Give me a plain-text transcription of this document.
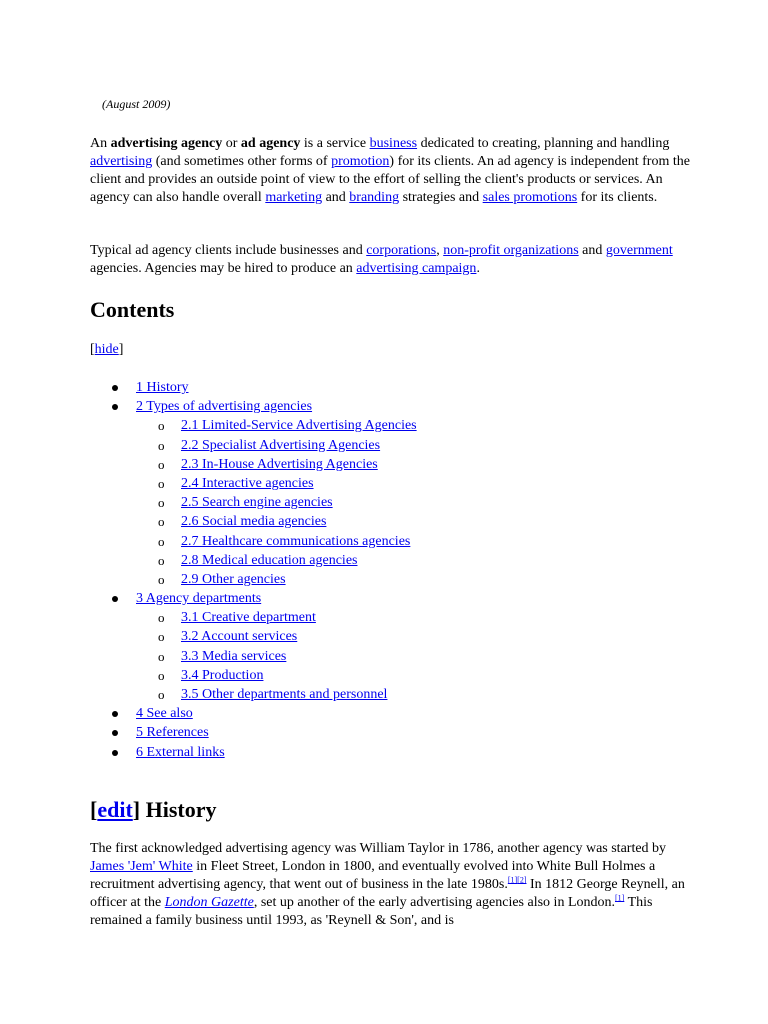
(August 2009)
An advertising agency or ad agency is a service business dedicated to creating, planning and handling advertising (and sometimes other forms of promotion) for its clients. An ad agency is independent from the client and provides an outside point of view to the effort of selling the client's products or services. An agency can also handle overall marketing and branding strategies and sales promotions for its clients.
Typical ad agency clients include businesses and corporations, non-profit organizations and government agencies. Agencies may be hired to produce an advertising campaign.
Contents
[hide]
1 History
2 Types of advertising agencies
o 2.1 Limited-Service Advertising Agencies
o 2.2 Specialist Advertising Agencies
o 2.3 In-House Advertising Agencies
o 2.4 Interactive agencies
o 2.5 Search engine agencies
o 2.6 Social media agencies
o 2.7 Healthcare communications agencies
o 2.8 Medical education agencies
o 2.9 Other agencies
3 Agency departments
o 3.1 Creative department
o 3.2 Account services
o 3.3 Media services
o 3.4 Production
o 3.5 Other departments and personnel
4 See also
5 References
6 External links
[edit] History
The first acknowledged advertising agency was William Taylor in 1786, another agency was started by James 'Jem' White in Fleet Street, London in 1800, and eventually evolved into White Bull Holmes a recruitment advertising agency, that went out of business in the late 1980s.[1][2] In 1812 George Reynell, an officer at the London Gazette, set up another of the early advertising agencies also in London.[1] This remained a family business until 1993, as 'Reynell & Son', and is
